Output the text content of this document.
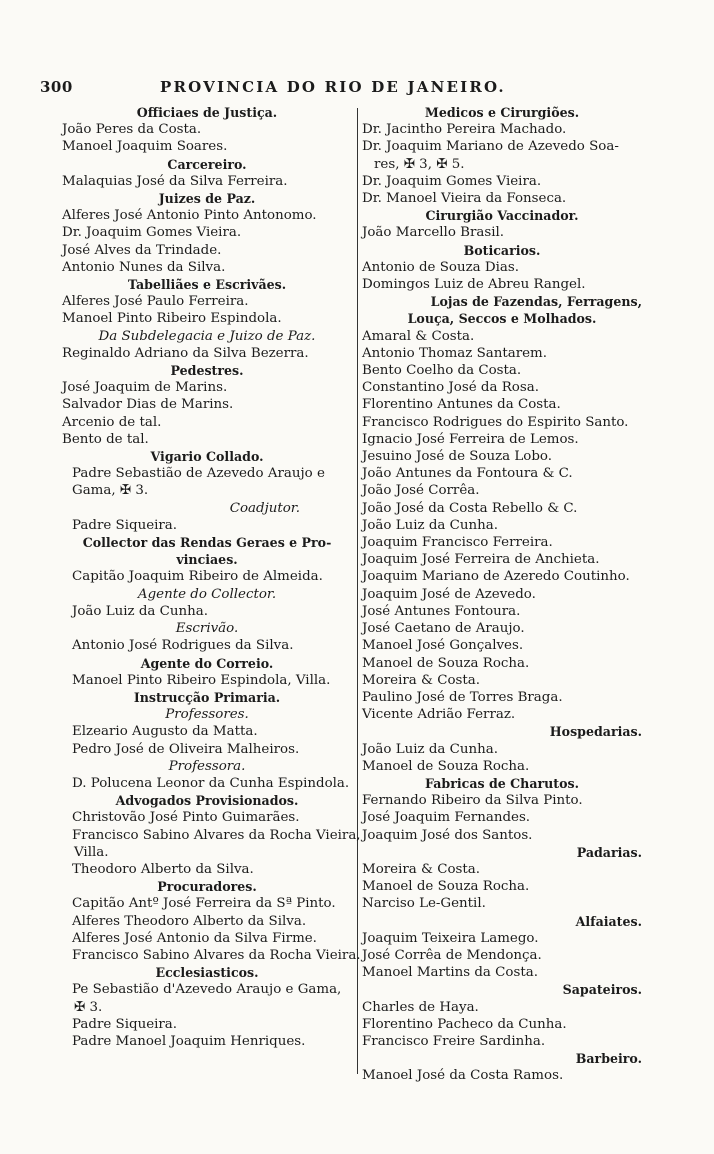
300	PROVINCIA DO RIO DE JANEIRO.
Officiaes de Justiça.
João Peres da Costa.
Manoel Joaquim Soares.
Carcereiro.
Malaquias José da Silva Ferreira.
Juizes de Paz.
Alferes José Antonio Pinto Antonomo.
Dr. Joaquim Gomes Vieira.
José Alves da Trindade.
Antonio Nunes da Silva.
Tabelliães e Escrivães.
Alferes José Paulo Ferreira.
Manoel Pinto Ribeiro Espindola.
Da Subdelegacia e Juizo de Paz.
Reginaldo Adriano da Silva Bezerra.
Pedestres.
José Joaquim de Marins.
Salvador Dias de Marins.
Arcenio de tal.
Bento de tal.
Vigario Collado.
Padre Sebastião de Azevedo Araujo e
Gama, ✠ 3.
Coadjutor.
Padre Siqueira.
Collector das Rendas Geraes e Pro-
vinciaes.
Capitão Joaquim Ribeiro de Almeida.
Agente do Collector.
João Luiz da Cunha.
Escrivão.
Antonio José Rodrigues da Silva.
Agente do Correio.
Manoel Pinto Ribeiro Espindola, Villa.
Instrucção Primaria.
Professores.
Elzeario Augusto da Matta.
Pedro José de Oliveira Malheiros.
Professora.
D. Polucena Leonor da Cunha Espindola.
Advogados Provisionados.
Christovão José Pinto Guimarães.
Francisco Sabino Alvares da Rocha Vieira,
Villa.
Theodoro Alberto da Silva.
Procuradores.
Capitão Antº José Ferreira da Sª Pinto.
Alferes Theodoro Alberto da Silva.
Alferes José Antonio da Silva Firme.
Francisco Sabino Alvares da Rocha Vieira.
Ecclesiasticos.
Pe Sebastião d'Azevedo Araujo e Gama,
✠ 3.
Padre Siqueira.
Padre Manoel Joaquim Henriques.
Medicos e Cirurgiões.
Dr. Jacintho Pereira Machado.
Dr. Joaquim Mariano de Azevedo Soa-
res, ✠ 3, ✠ 5.
Dr. Joaquim Gomes Vieira.
Dr. Manoel Vieira da Fonseca.
Cirurgião Vaccinador.
João Marcello Brasil.
Boticarios.
Antonio de Souza Dias.
Domingos Luiz de Abreu Rangel.
Lojas de Fazendas, Ferragens,
Louça, Seccos e Molhados.
Amaral & Costa.
Antonio Thomaz Santarem.
Bento Coelho da Costa.
Constantino José da Rosa.
Florentino Antunes da Costa.
Francisco Rodrigues do Espirito Santo.
Ignacio José Ferreira de Lemos.
Jesuino José de Souza Lobo.
João Antunes da Fontoura & C.
João José Corrêa.
João José da Costa Rebello & C.
João Luiz da Cunha.
Joaquim Francisco Ferreira.
Joaquim José Ferreira de Anchieta.
Joaquim Mariano de Azeredo Coutinho.
Joaquim José de Azevedo.
José Antunes Fontoura.
José Caetano de Araujo.
Manoel José Gonçalves.
Manoel de Souza Rocha.
Moreira & Costa.
Paulino José de Torres Braga.
Vicente Adrião Ferraz.
Hospedarias.
João Luiz da Cunha.
Manoel de Souza Rocha.
Fabricas de Charutos.
Fernando Ribeiro da Silva Pinto.
José Joaquim Fernandes.
Joaquim José dos Santos.
Padarias.
Moreira & Costa.
Manoel de Souza Rocha.
Narciso Le-Gentil.
Alfaiates.
Joaquim Teixeira Lamego.
José Corrêa de Mendonça.
Manoel Martins da Costa.
Sapateiros.
Charles de Haya.
Florentino Pacheco da Cunha.
Francisco Freire Sardinha.
Barbeiro.
Manoel José da Costa Ramos.
